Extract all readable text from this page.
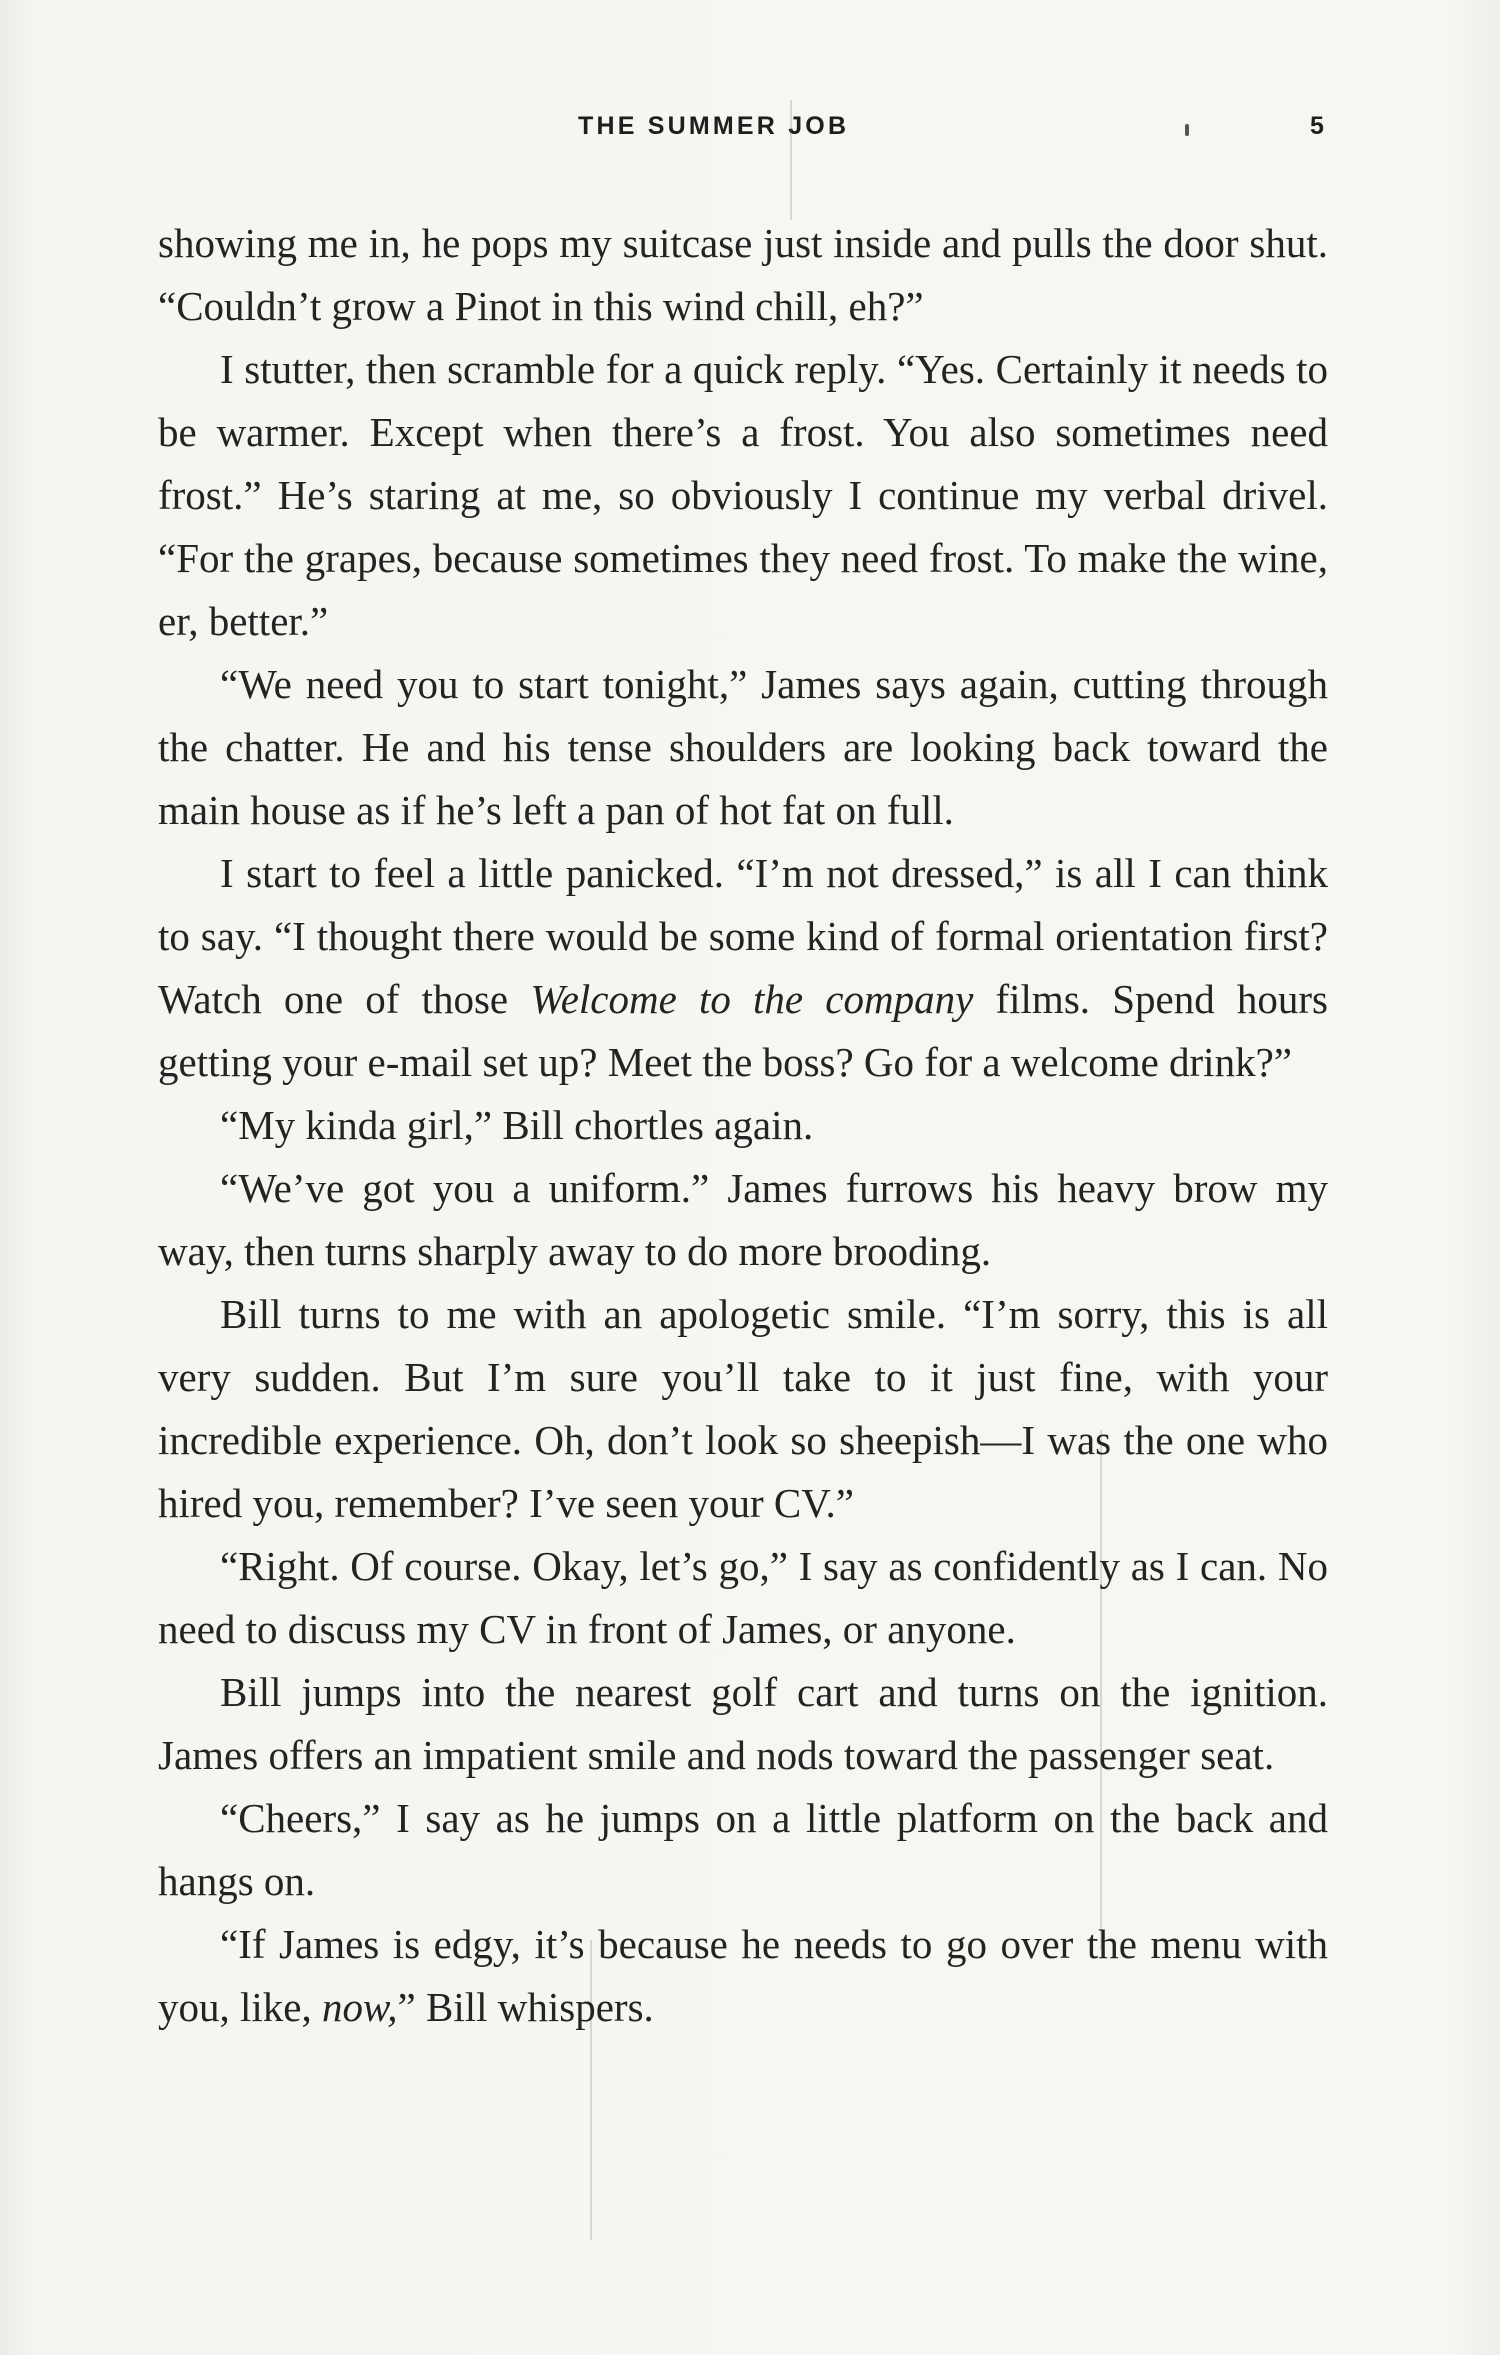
THE SUMMER JOB	5

showing me in, he pops my suitcase just inside and pulls the door shut. “Couldn’t grow a Pinot in this wind chill, eh?”

I stutter, then scramble for a quick reply. “Yes. Certainly it needs to be warmer. Except when there’s a frost. You also sometimes need frost.” He’s staring at me, so obviously I continue my verbal drivel. “For the grapes, because sometimes they need frost. To make the wine, er, better.”

“We need you to start tonight,” James says again, cutting through the chatter. He and his tense shoulders are looking back toward the main house as if he’s left a pan of hot fat on full.

I start to feel a little panicked. “I’m not dressed,” is all I can think to say. “I thought there would be some kind of formal orientation first? Watch one of those Welcome to the company films. Spend hours getting your e-mail set up? Meet the boss? Go for a welcome drink?”

“My kinda girl,” Bill chortles again.

“We’ve got you a uniform.” James furrows his heavy brow my way, then turns sharply away to do more brooding.

Bill turns to me with an apologetic smile. “I’m sorry, this is all very sudden. But I’m sure you’ll take to it just fine, with your incredible experience. Oh, don’t look so sheepish—I was the one who hired you, remember? I’ve seen your CV.”

“Right. Of course. Okay, let’s go,” I say as confidently as I can. No need to discuss my CV in front of James, or anyone.

Bill jumps into the nearest golf cart and turns on the ignition. James offers an impatient smile and nods toward the passenger seat.

“Cheers,” I say as he jumps on a little platform on the back and hangs on.

“If James is edgy, it’s because he needs to go over the menu with you, like, now,” Bill whispers.
